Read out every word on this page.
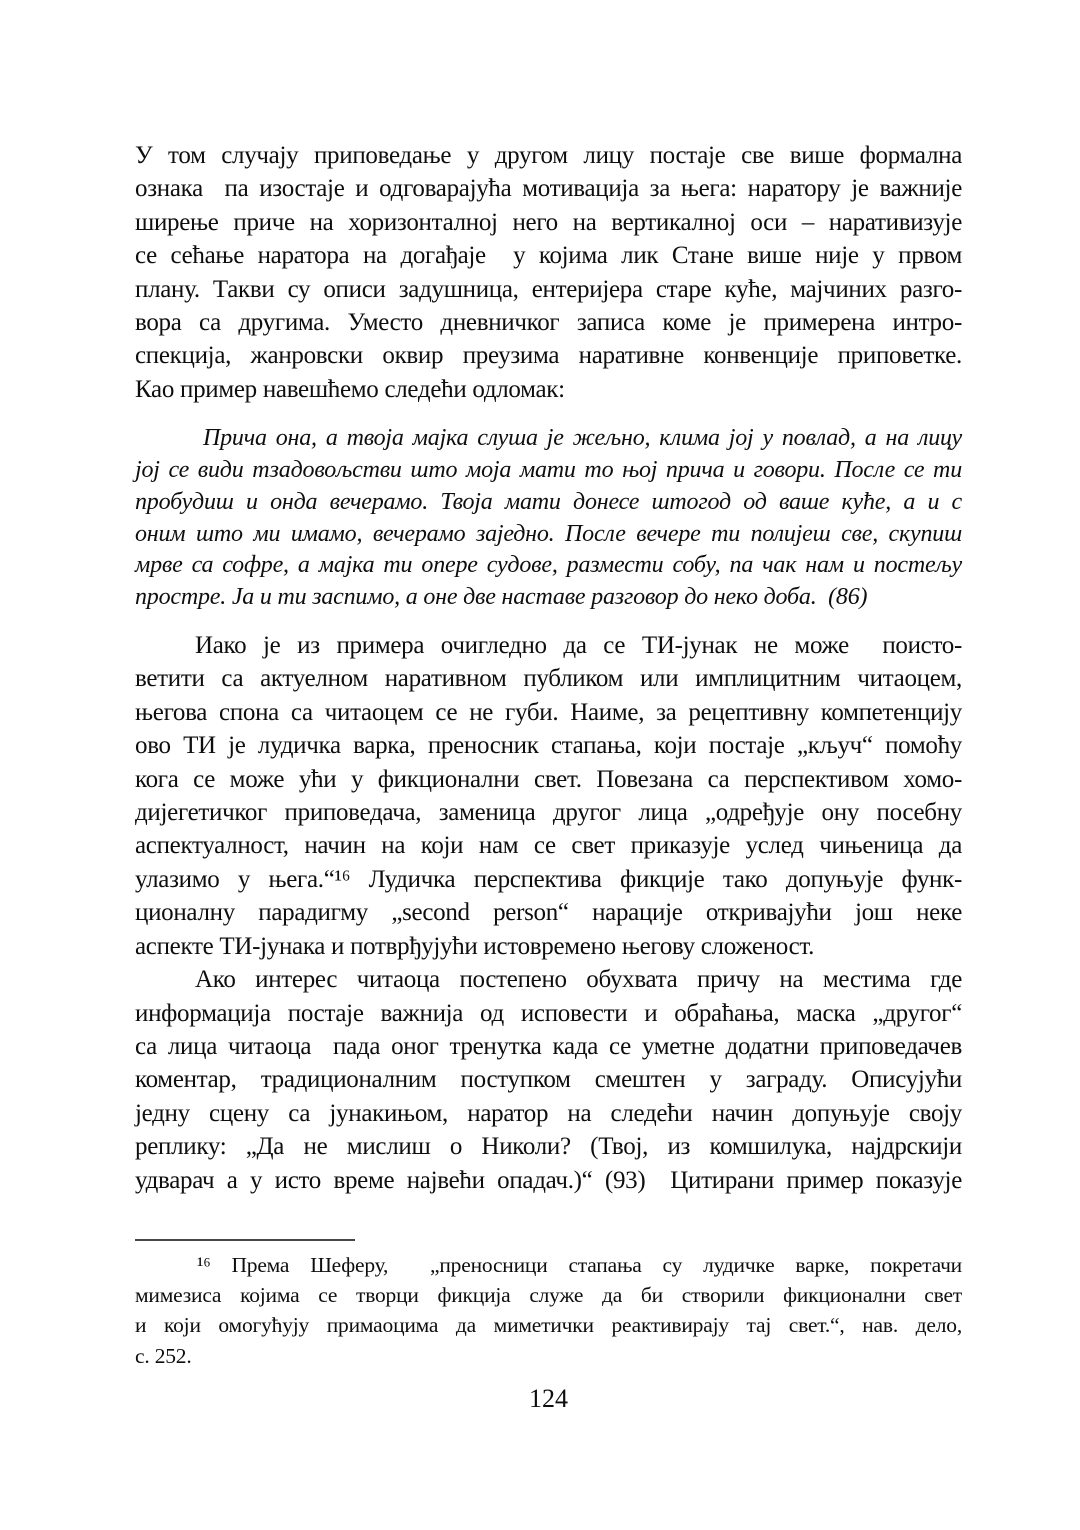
У том случају приповедање у другом лицу постаје све више формална
ознака  па изостаје и одговарајућа мотивација за њега: наратору је важније
ширење приче на хоризонталној него на вертикалној оси – наративизује
се сећање наратора на догађаје  у којима лик Стане више није у првом
плану. Такви су описи задушница, ентеријера старе куће, мајчиних разго-
вора са другима. Уместо дневничког записа коме је примерена интро-
спекција, жанровски оквир преузима наративне конвенције приповетке.
Као пример навешћемо следећи одломак:
Прича она, а твоја мајка слуша је жељно, клима јој у повлад, а на лицу
јој се види тзадовољстви што моја мати то њој прича и говори. После се ти
пробудиш и онда вечерамо. Твоја мати донесе штогод од ваше куће, а и с
оним што ми имамо, вечерамо заједно. После вечере ти полијеш све, скупиш
мрве са софре, а мајка ти опере судове, размести собу, па чак нам и постељу
простре. Ја и ти заспимо, а оне две наставе разговор до неко доба.  (86)
Иако је из примера очигледно да се ТИ-јунак не може  поисто-
ветити са актуелном наративном публиком или имплицитним читаоцем,
његова спона са читаоцем се не губи. Наиме, за рецептивну компетенцију
ово ТИ је лудичка варка, преносник стапања, који постаје „кључ“ помоћу
кога се може ући у фикционални свет. Повезана са перспективом хомо-
дијегетичког приповедача, заменица другог лица „одређује ону посебну
аспектуалност, начин на који нам се свет приказује услед чињеница да
улазимо у њега.“¹⁶ Лудичка перспектива фикције тако допуњује функ-
ционалну парадигму „second person“ нарације откривајући још неке
аспекте ТИ-јунака и потврђујући истовремено његову сложеност.
Ако интерес читаоца постепено обухвата причу на местима где
информација постаје важнија од исповести и обраћања, маска „другог“
са лица читаоца  пада оног тренутка када се уметне додатни приповедачев
коментар, традиционалним поступком смештен у заграду. Описујући
једну сцену са јунакињом, наратор на следећи начин допуњује своју
реплику: „Да не мислиш о Николи? (Твој, из комшилука, најдрскији
удварач а у исто време највећи опадач.)“ (93)  Цитирани пример показује
¹⁶ Према Шеферу,  „преносници стапања су лудичке варке, покретачи
мимезиса којима се творци фикција служе да би створили фикционални свет
и који омогућују примаоцима да миметички реактивирају тај свет.“, нав. дело,
с. 252.
124
